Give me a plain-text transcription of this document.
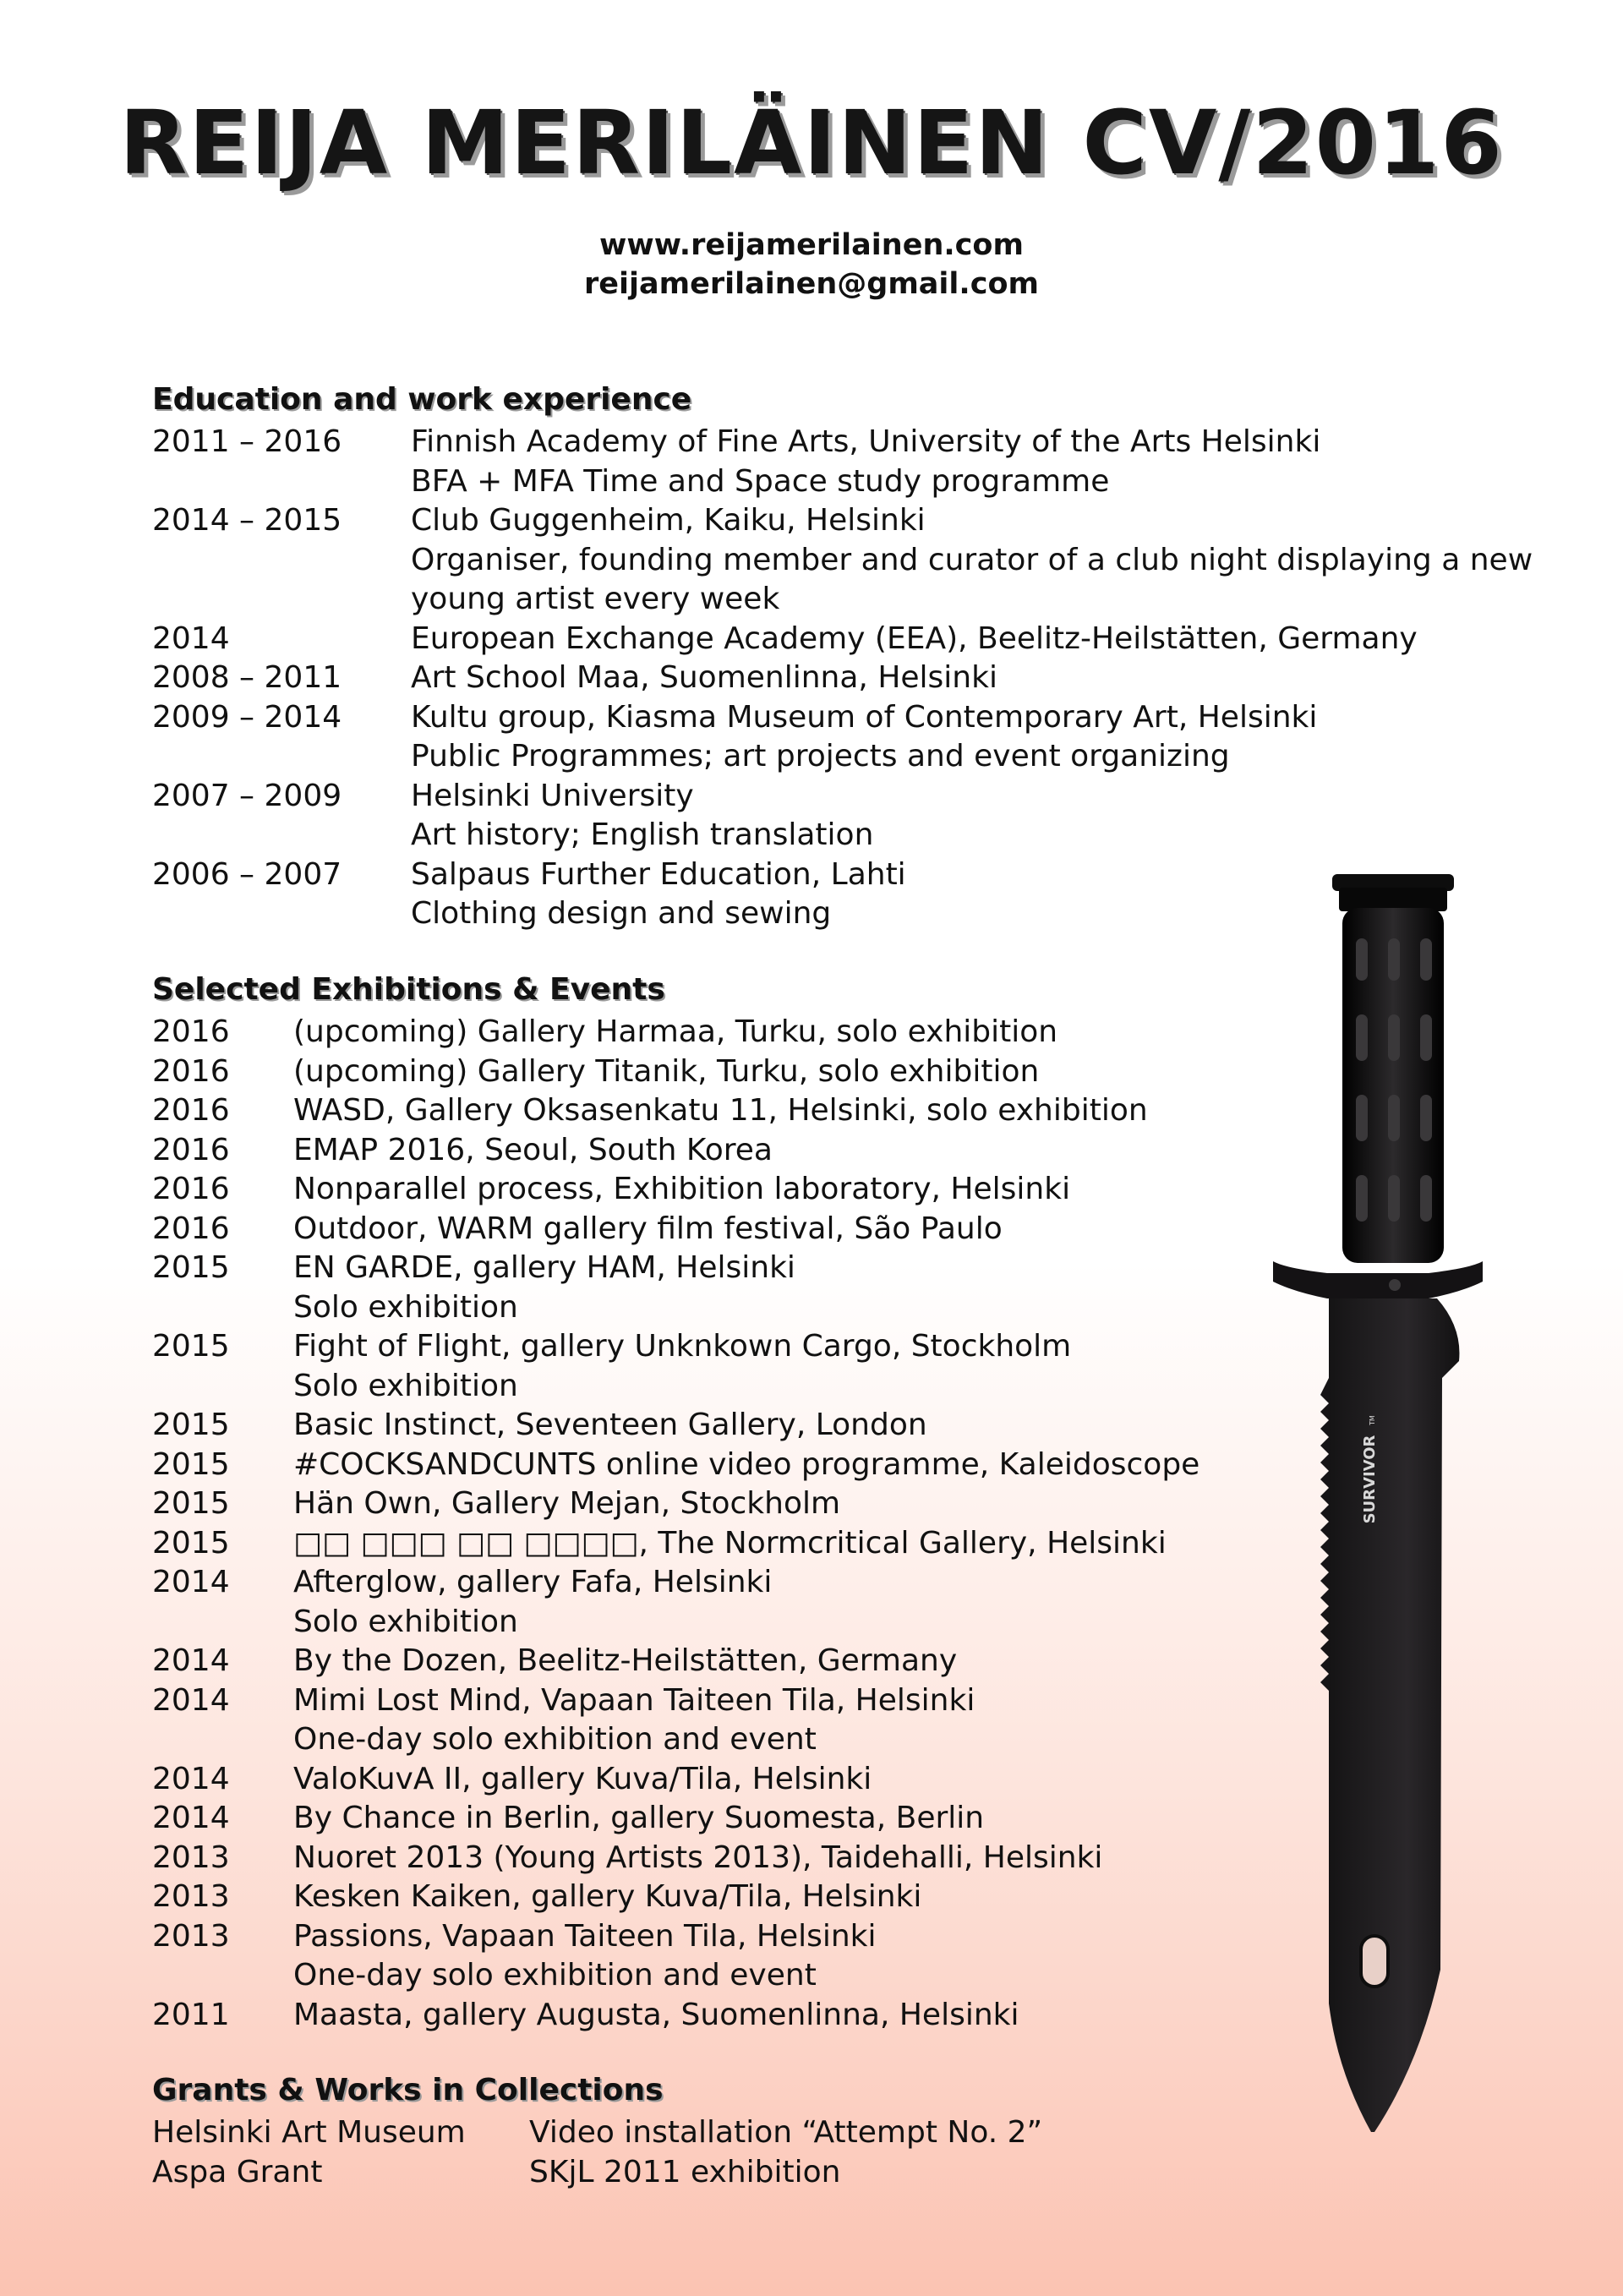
REIJA MERILÄINEN CV/2016
www.reijamerilainen.com
reijamerilainen@gmail.com
Education and work experience
2011 – 2016	Finnish Academy of Fine Arts, University of the Arts Helsinki
BFA + MFA Time and Space study programme
2014 – 2015	Club Guggenheim, Kaiku, Helsinki
Organiser, founding member and curator of a club night displaying a new
young artist every week
2014	European Exchange Academy (EEA), Beelitz-Heilstätten, Germany
2008 – 2011	Art School Maa, Suomenlinna, Helsinki
2009 – 2014	Kultu group, Kiasma Museum of Contemporary Art, Helsinki
Public Programmes; art projects and event organizing
2007 – 2009	Helsinki University
Art history; English translation
2006 – 2007	Salpaus Further Education, Lahti
Clothing design and sewing
Selected Exhibitions & Events
2016	(upcoming) Gallery Harmaa, Turku, solo exhibition
2016	(upcoming) Gallery Titanik, Turku, solo exhibition
2016	WASD, Gallery Oksasenkatu 11, Helsinki, solo exhibition
2016	EMAP 2016, Seoul, South Korea
2016	Nonparallel process, Exhibition laboratory, Helsinki
2016	Outdoor, WARM gallery film festival, São Paulo
2015	EN GARDE, gallery HAM, Helsinki
Solo exhibition
2015	Fight of Flight, gallery Unknkown Cargo, Stockholm
Solo exhibition
2015	Basic Instinct, Seventeen Gallery, London
2015	#COCKSANDCUNTS online video programme, Kaleidoscope
2015	Hän Own, Gallery Mejan, Stockholm
2015	□□ □□□ □□ □□□□, The Normcritical Gallery, Helsinki
2014	Afterglow, gallery Fafa, Helsinki
Solo exhibition
2014	By the Dozen, Beelitz-Heilstätten, Germany
2014	Mimi Lost Mind, Vapaan Taiteen Tila, Helsinki
One-day solo exhibition and event
2014	ValoKuvA II, gallery Kuva/Tila, Helsinki
2014	By Chance in Berlin, gallery Suomesta, Berlin
2013	Nuoret 2013 (Young Artists 2013), Taidehalli, Helsinki
2013	Kesken Kaiken, gallery Kuva/Tila, Helsinki
2013	Passions, Vapaan Taiteen Tila, Helsinki
One-day solo exhibition and event
2011	Maasta, gallery Augusta, Suomenlinna, Helsinki
Grants & Works in Collections
Helsinki Art Museum	Video installation “Attempt No. 2”
Aspa Grant	SKjL 2011 exhibition
SURVIVOR
TM
